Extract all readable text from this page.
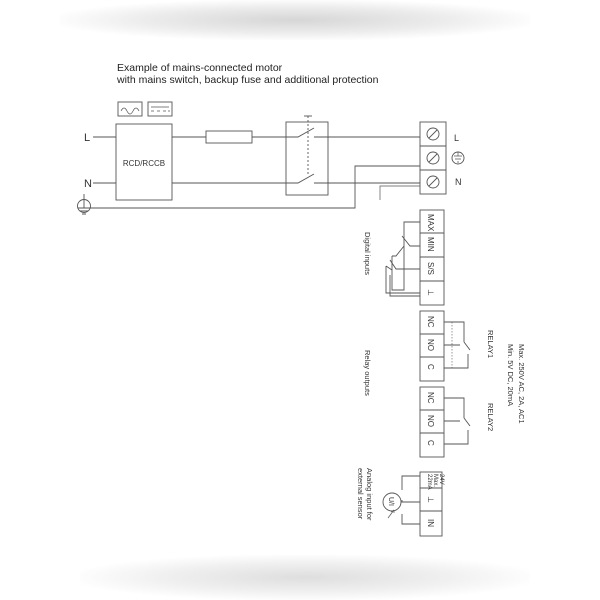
Example of mains-connected motor
with mains switch, backup fuse and additional protection
L
N
RCD/RCCB
L
N
Digital inputs
Relay outputs	Max. 250V AC, 2A, AC1
Min. 5V DC, 20mA
RELAY1
RELAY2
Analog input for
external sensor
MAX
MIN
S/S
⊥
NC
NO
C
NC
NO
C
⊥
IN
24V
Max.
22mA
U/I
